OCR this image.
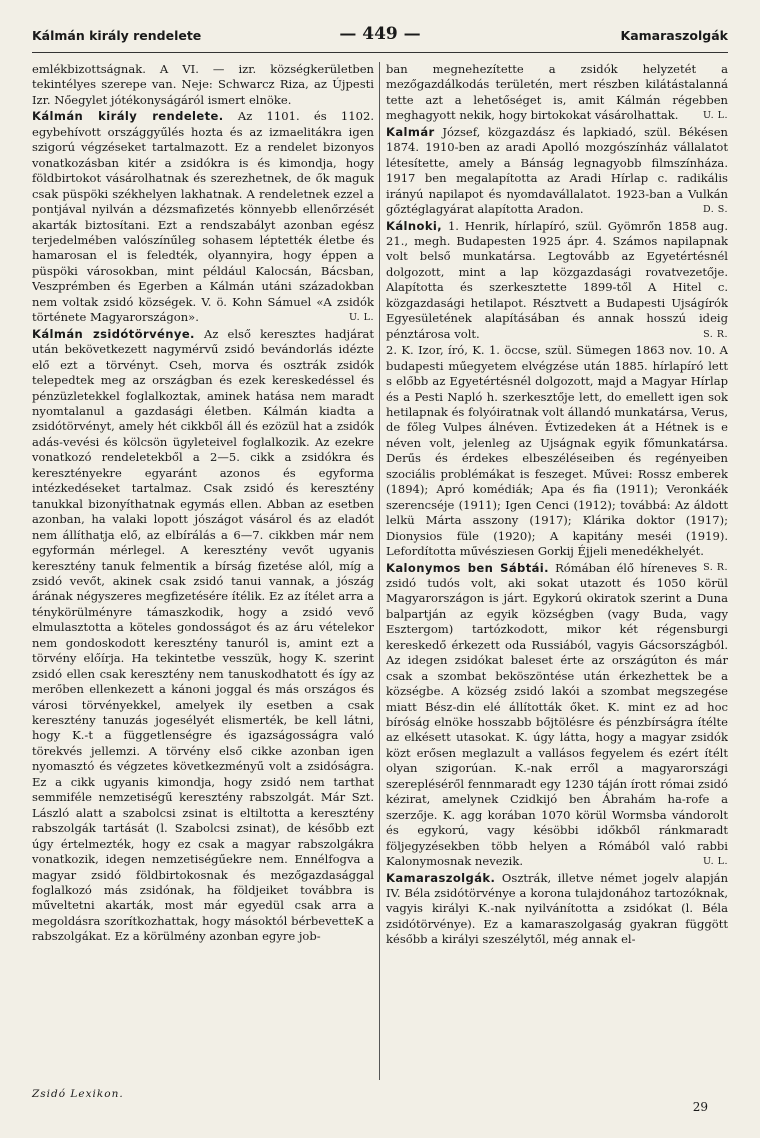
Kálmán király rendelete	— 449 —	Kamaraszolgák

emlékbizottságnak. A VI. — izr. községkerületben tekintélyes szerepe van. Neje: Schwarcz Riza, az Újpesti Izr. Nőegylet jótékonyságáról ismert elnöke.

Kálmán király rendelete. Az 1101. és 1102. egybehívott országgyűlés hozta és az izmaelitákra igen szigorú végzéseket tartalmazott. Ez a rendelet bizonyos vonatkozásban kitér a zsidókra is és kimondja, hogy földbirtokot vásárolhatnak és szerezhetnek, de ők maguk csak püspöki székhelyen lakhatnak. A rendeletnek ezzel a pontjával nyilván a dézsmafizetés könnyebb ellenőrzését akarták biztosítani. Ezt a rendszabályt azonban egész terjedelmében valószínűleg sohasem léptették életbe és hamarosan el is feledték, olyannyira, hogy éppen a püspöki városokban, mint például Kalocsán, Bácsban, Veszprémben és Egerben a Kálmán utáni századokban nem voltak zsidó községek. V. ö. Kohn Sámuel «A zsidók története Magyarországon».	U. L.

Kálmán zsidótörvénye. Az első keresztes hadjárat után bekövetkezett nagymérvű zsidó bevándorlás idézte elő ezt a törvényt. Cseh, morva és osztrák zsidók telepedtek meg az országban és ezek kereskedéssel és pénzüzletekkel foglalkoztak, aminek hatása nem maradt nyomtalanul a gazdasági életben. Kálmán kiadta a zsidótörvényt, amely hét cikkből áll és ezözül hat a zsidók adás-vevési és kölcsön ügyleteivel foglalkozik. Az ezekre vonatkozó rendeletekből a 2—5. cikk a zsidókra és keresztényekre egyaránt azonos és egyforma intézkedéseket tartalmaz. Csak zsidó és keresztény tanukkal bizonyíthatnak egymás ellen. Abban az esetben azonban, ha valaki lopott jószágot vásárol és az eladót nem állíthatja elő, az elbírálás a 6—7. cikkben már nem egyformán mérlegel. A keresztény vevőt ugyanis keresztény tanuk felmentik a bírság fizetése alól, míg a zsidó vevőt, akinek csak zsidó tanui vannak, a jószág árának négyszeres megfizetésére ítélik. Ez az ítélet arra a ténykörülményre támaszkodik, hogy a zsidó vevő elmulasztotta a köteles gondosságot és az áru vételekor nem gondoskodott keresztény tanuról is, amint ezt a törvény előírja. Ha tekintetbe vesszük, hogy K. szerint zsidó ellen csak keresztény nem tanuskodhatott és így az merőben ellenkezett a kánoni joggal és más országos és városi törvényekkel, amelyek ily esetben a csak keresztény tanuzás jogesélyét elismerték, be kell látni, hogy K.-t a függetlenségre és igazságosságra való törekvés jellemzi. A törvény első cikke azonban igen nyomasztó és végzetes következményű volt a zsidóságra. Ez a cikk ugyanis kimondja, hogy zsidó nem tarthat semmiféle nemzetiségű keresztény rabszolgát. Már Szt. László alatt a szabolcsi zsinat is eltiltotta a keresztény rabszolgák tartását (l. Szabolcsi zsinat), de később ezt úgy értelmezték, hogy ez csak a magyar rabszolgákra vonatkozik, idegen nemzetiségűekre nem. Ennélfogva a magyar zsidó földbirtokosnak és mezőgazdasággal foglalkozó más zsidónak, ha földjeiket továbbra is műveltetni akarták, most már egyedül csak arra a megoldásra szorítkozhattak, hogy másoktól bérbevetteK a rabszolgákat. Ez a körülmény azonban egyre job-

ban megnehezítette a zsidók helyzetét a mezőgazdálkodás területén, mert részben kilátástalanná tette azt a lehetőséget is, amit Kálmán régebben meghagyott nekik, hogy birtokokat vásárolhattak.	U. L.

Kalmár József, közgazdász és lapkiadó, szül. Békésen 1874. 1910-ben az aradi Apolló mozgószínház vállalatot létesítette, amely a Bánság legnagyobb filmszínháza. 1917 ben megalapította az Aradi Hírlap c. radikális irányú napilapot és nyomdavállalatot. 1923-ban a Vulkán gőztéglagyárat alapította Aradon.	D. S.

Kálnoki, 1. Henrik, hírlapíró, szül. Gyömrőn 1858 aug. 21., megh. Budapesten 1925 ápr. 4. Számos napilapnak volt belső munkatársa. Legtovább az Egyetértésnél dolgozott, mint a lap közgazdasági rovatvezetője. Alapította és szerkesztette 1899-től A Hitel c. közgazdasági hetilapot. Résztvett a Budapesti Ujságírók Egyesületének alapításában és annak hosszú ideig pénztárosa volt.	S. R.

2. K. Izor, író, K. 1. öccse, szül. Sümegen 1863 nov. 10. A budapesti műegyetem elvégzése után 1885. hírlapíró lett s előbb az Egyetértésnél dolgozott, majd a Magyar Hírlap és a Pesti Napló h. szerkesztője lett, do emellett igen sok hetilapnak és folyóiratnak volt állandó munkatársa, Verus, de főleg Vulpes álnéven. Évtizedeken át a Hétnek is e néven volt, jelenleg az Ujságnak egyik főmunkatársa. Derűs és érdekes elbeszéléseiben és regényeiben szociális problémákat is feszeget. Művei: Rossz emberek (1894); Apró komédiák; Apa és fia (1911); Veronkáék szerencséje (1911); Igen Cenci (1912); továbbá: Az áldott lelkü Márta asszony (1917); Klárika doktor (1917); Dionysios füle (1920); A kapitány meséi (1919). Lefordította művésziesen Gorkij Éjjeli menedékhelyét.
S. R.

Kalonymos ben Sábtái. Rómában élő híreneves zsidó tudós volt, aki sokat utazott és 1050 körül Magyarországon is járt. Egykorú okiratok szerint a Duna balpartján az egyik községben (vagy Buda, vagy Esztergom) tartózkodott, mikor két régensburgi kereskedő érkezett oda Russiából, vagyis Gácsországból. Az idegen zsidókat baleset érte az országúton és már csak a szombat beköszöntése után érkezhettek be a községbe. A község zsidó lakói a szombat megszegése miatt Bész-din elé állították őket. K. mint ez ad hoc bíróság elnöke hosszabb bőjtölésre és pénzbírságra ítélte az elkésett utasokat. K. úgy látta, hogy a magyar zsidók közt erősen meglazult a vallásos fegyelem és ezért ítélt olyan szigorúan. K.-nak erről a magyarországi szerepléséről fennmaradt egy 1230 táján írott római zsidó kézirat, amelynek Czidkijó ben Ábrahám ha-rofe a szerzője. K. agg korában 1070 körül Wormsba vándorolt és egykorú, vagy késöbbi időkből ránkmaradt följegyzésekben több helyen a Rómából való rabbi Kalonymosnak nevezik.	U. L.

Kamaraszolgák. Osztrák, illetve német jogelv alapján IV. Béla zsidótörvénye a korona tulajdonához tartozóknak, vagyis királyi K.-nak nyilvánította a zsidókat (l. Béla zsidótörvénye). Ez a kamaraszolgaság gyakran függött később a királyi szeszélytől, még annak el-

Zsidó Lexikon.
29
